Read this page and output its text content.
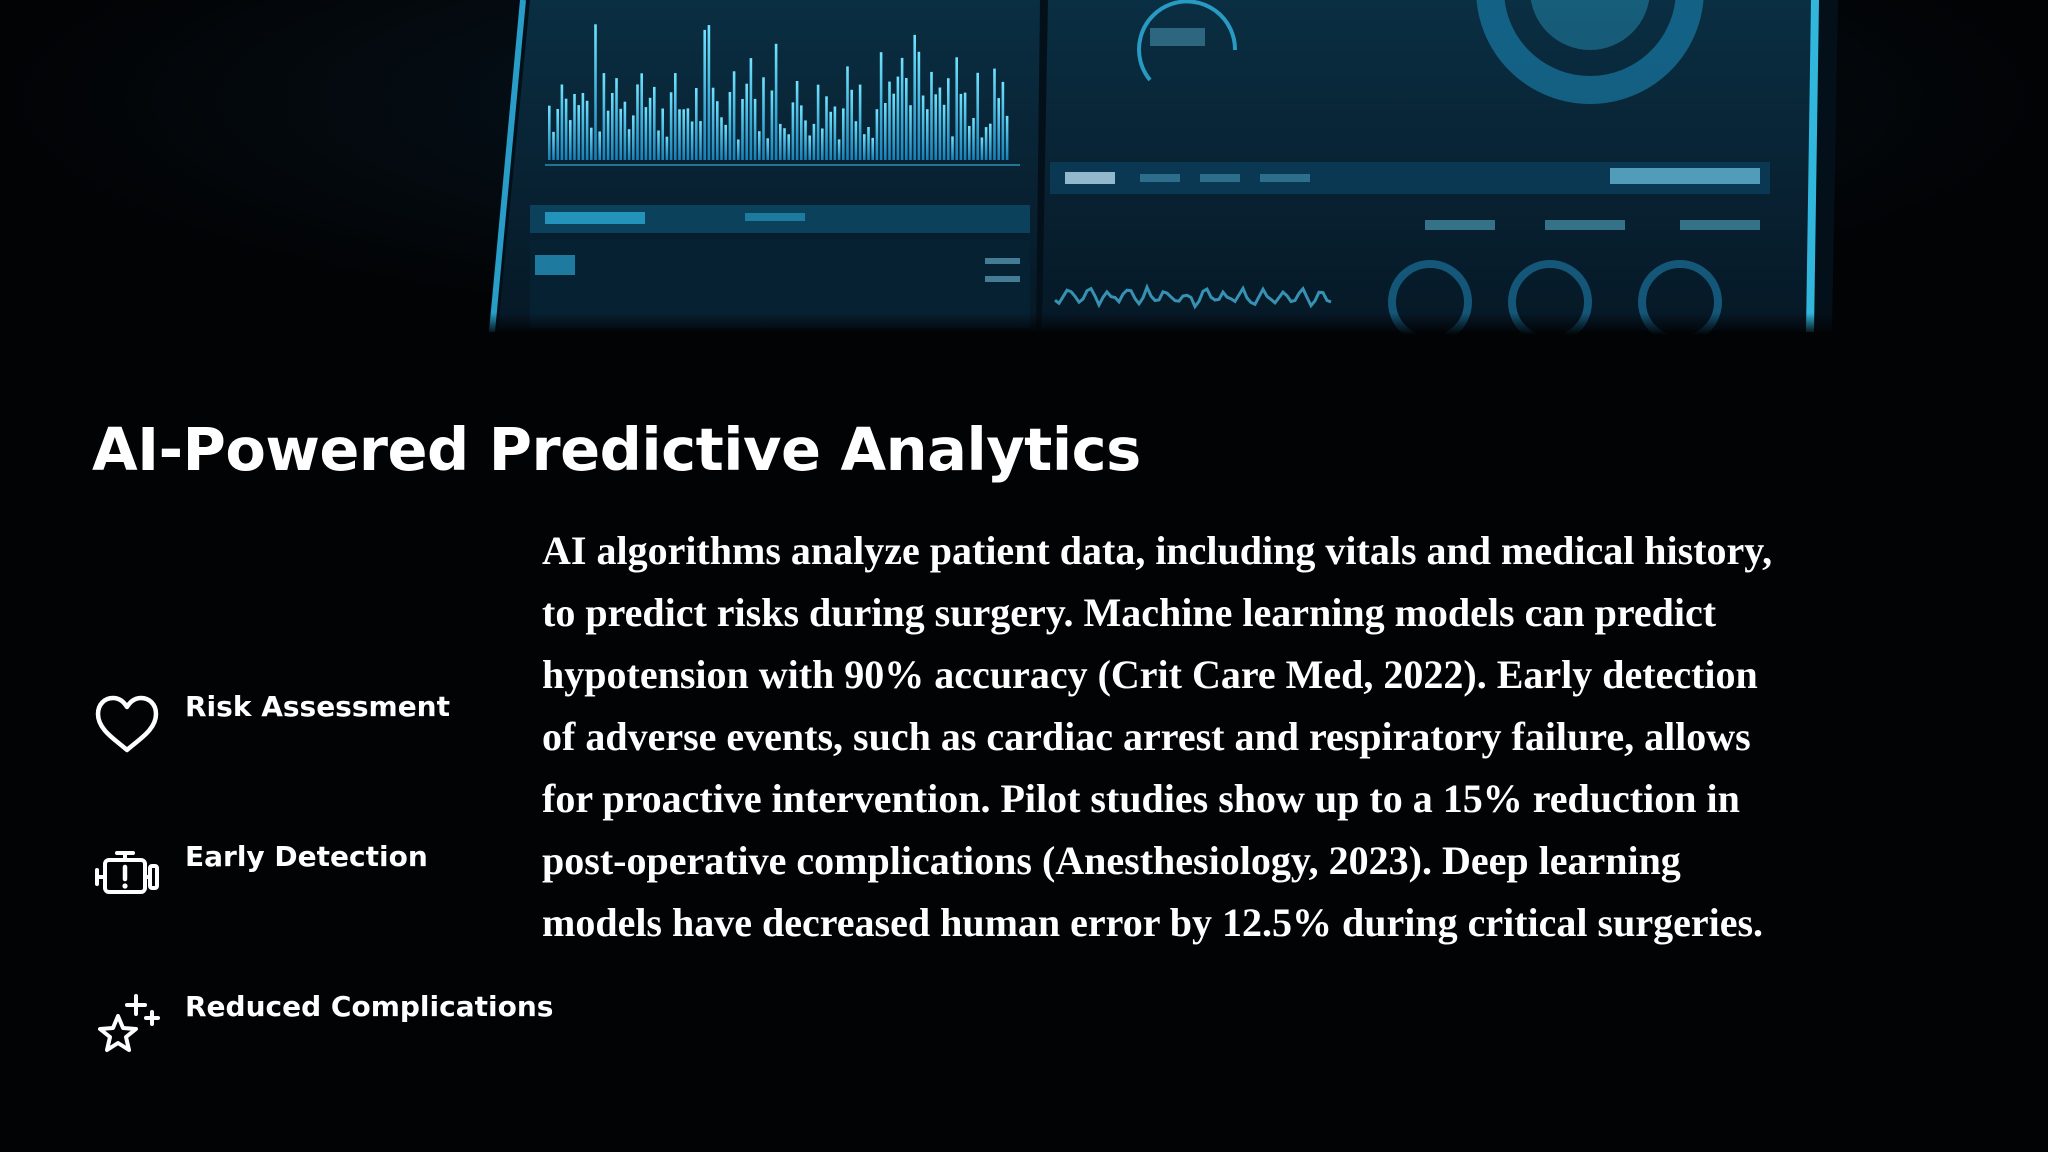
AI-Powered Predictive Analytics
Risk Assessment
Early Detection
Reduced Complications

AI algorithms analyze patient data, including vitals and medical history, to predict risks during surgery. Machine learning models can predict hypotension with 90% accuracy (Crit Care Med, 2022). Early detection of adverse events, such as cardiac arrest and respiratory failure, allows for proactive intervention. Pilot studies show up to a 15% reduction in post-operative complications (Anesthesiology, 2023). Deep learning models have decreased human error by 12.5% during critical surgeries.
